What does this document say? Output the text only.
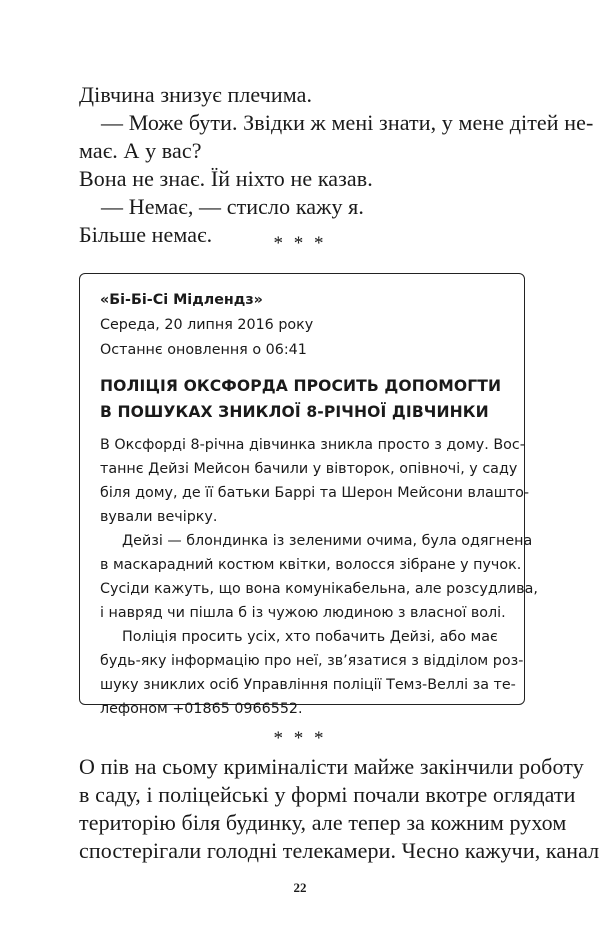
Дівчина знизує плечима.

— Може бути. Звідки ж мені знати, у мене дітей не-

має. А у вас?

Вона не знає. Їй ніхто не казав.

— Немає, — стисло кажу я.

Більше немає.	* * *

«Бі-Бі-Сі Мідлендз»

Середа, 20 липня 2016 року

Останнє оновлення о 06:41

ПОЛІЦІЯ ОКСФОРДА ПРОСИТЬ ДОПОМОГТИ
В ПОШУКАХ ЗНИКЛОЇ 8-РІЧНОЇ ДІВЧИНКИ

В Оксфорді 8-річна дівчинка зникла просто з дому. Вос-

таннє Дейзі Мейсон бачили у вівторок, опівночі, у саду

біля дому, де її батьки Баррі та Шерон Мейсони влашто-

вували вечірку.

Дейзі — блондинка із зеленими очима, була одягнена

в маскарадний костюм квітки, волосся зібране у пучок.

Сусіди кажуть, що вона комунікабельна, але розсудлива,

і навряд чи пішла б із чужою людиною з власної волі.

Поліція просить усіх, хто побачить Дейзі, або має

будь-яку інформацію про неї, зв’язатися з відділом роз-

шуку зниклих осіб Управління поліції Темз-Веллі за те-

лефоном +01865 0966552.

* * *
О пів на сьому криміналісти майже закінчили роботу
в саду, і поліцейські у формі почали вкотре оглядати
територію біля будинку, але тепер за кожним рухом
спостерігали голодні телекамери. Чесно кажучи, канал
22
